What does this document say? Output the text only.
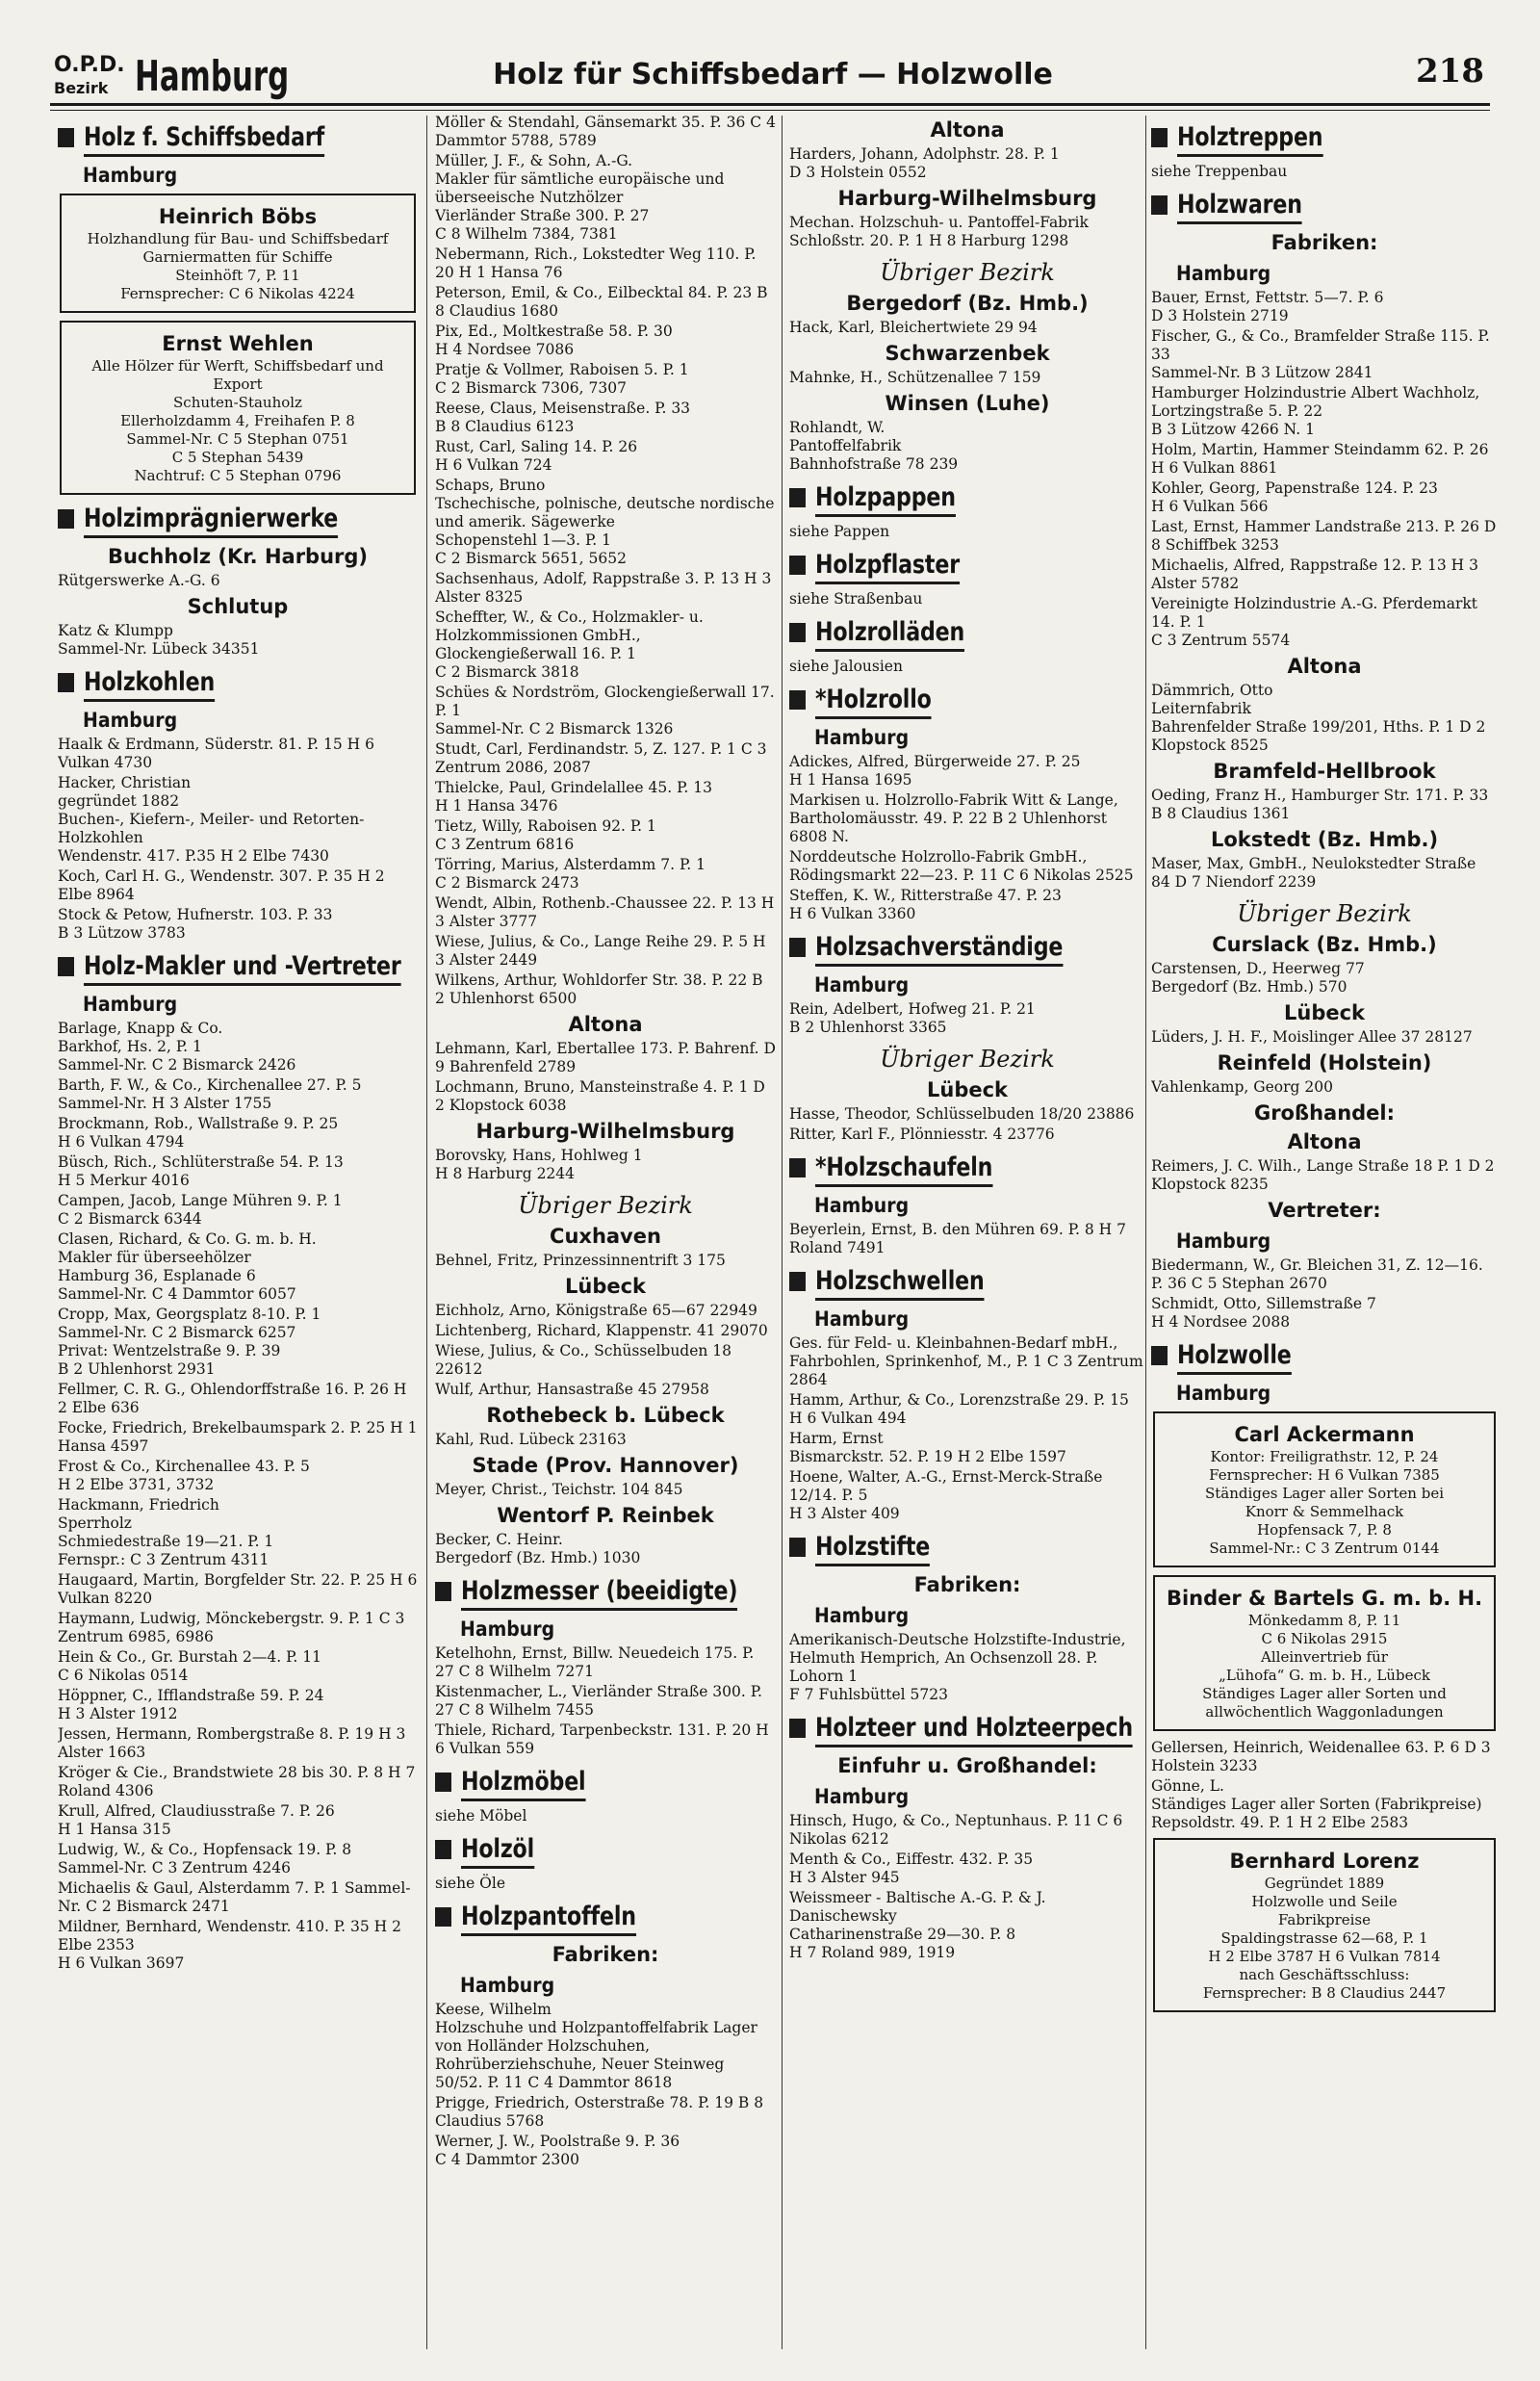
O.P.D.
Bezirk Hamburg	Holz für Schiffsbedarf — Holzwolle	218
Holz f. Schiffsbedarf
Hamburg
Heinrich Böbs
Holzhandlung für Bau- und Schiffsbedarf
Garniermatten für Schiffe
Steinhöft 7, P. 11
Fernsprecher: C 6 Nikolas 4224
Ernst Wehlen
Alle Hölzer für Werft, Schiffsbedarf und Export
Schuten-Stauholz
Ellerholzdamm 4, Freihafen P. 8
Sammel-Nr. C 5 Stephan 0751
C 5 Stephan 5439
Nachtruf: C 5 Stephan 0796
Holzimprägnierwerke
Buchholz (Kr. Harburg)
Rütgerswerke A.-G. 6
Schlutup
Katz & Klumpp
Sammel-Nr. Lübeck 34351
Holzkohlen
Hamburg
Haalk & Erdmann, Süderstr. 81. P. 15 H 6 Vulkan 4730
Hacker, Christian
gegründet 1882
Buchen-, Kiefern-, Meiler- und Retorten-Holzkohlen
Wendenstr. 417. P.35 H 2 Elbe 7430
Koch, Carl H. G., Wendenstr. 307. P. 35 H 2 Elbe 8964
Stock & Petow, Hufnerstr. 103. P. 33
B 3 Lützow 3783
Holz-Makler und -Vertreter
Hamburg
Barlage, Knapp & Co.
Barkhof, Hs. 2, P. 1
Sammel-Nr. C 2 Bismarck 2426
Barth, F. W., & Co., Kirchenallee 27. P. 5 Sammel-Nr. H 3 Alster 1755
Brockmann, Rob., Wallstraße 9. P. 25
H 6 Vulkan 4794
Büsch, Rich., Schlüterstraße 54. P. 13
H 5 Merkur 4016
Campen, Jacob, Lange Mühren 9. P. 1
C 2 Bismarck 6344
Clasen, Richard, & Co. G. m. b. H.
Makler für überseehölzer
Hamburg 36, Esplanade 6
Sammel-Nr. C 4 Dammtor 6057
Cropp, Max, Georgsplatz 8-10. P. 1
Sammel-Nr. C 2 Bismarck 6257
Privat: Wentzelstraße 9. P. 39
B 2 Uhlenhorst 2931
Fellmer, C. R. G., Ohlendorffstraße 16. P. 26 H 2 Elbe 636
Focke, Friedrich, Brekelbaumspark 2. P. 25 H 1 Hansa 4597
Frost & Co., Kirchenallee 43. P. 5
H 2 Elbe 3731, 3732
Hackmann, Friedrich
Sperrholz
Schmiedestraße 19—21. P. 1
Fernspr.: C 3 Zentrum 4311
Haugaard, Martin, Borgfelder Str. 22. P. 25 H 6 Vulkan 8220
Haymann, Ludwig, Mönckebergstr. 9. P. 1 C 3 Zentrum 6985, 6986
Hein & Co., Gr. Burstah 2—4. P. 11
C 6 Nikolas 0514
Höppner, C., Ifflandstraße 59. P. 24
H 3 Alster 1912
Jessen, Hermann, Rombergstraße 8. P. 19 H 3 Alster 1663
Kröger & Cie., Brandstwiete 28 bis 30. P. 8 H 7 Roland 4306
Krull, Alfred, Claudiusstraße 7. P. 26
H 1 Hansa 315
Ludwig, W., & Co., Hopfensack 19. P. 8 Sammel-Nr. C 3 Zentrum 4246
Michaelis & Gaul, Alsterdamm 7. P. 1 Sammel-Nr. C 2 Bismarck 2471
Mildner, Bernhard, Wendenstr. 410. P. 35 H 2 Elbe 2353
H 6 Vulkan 3697
Möller & Stendahl, Gänsemarkt 35. P. 36 C 4 Dammtor 5788, 5789
Müller, J. F., & Sohn, A.-G.
Makler für sämtliche europäische und überseeische Nutzhölzer
Vierländer Straße 300. P. 27
C 8 Wilhelm 7384, 7381
Nebermann, Rich., Lokstedter Weg 110. P. 20 H 1 Hansa 76
Peterson, Emil, & Co., Eilbecktal 84. P. 23 B 8 Claudius 1680
Pix, Ed., Moltkestraße 58. P. 30
H 4 Nordsee 7086
Pratje & Vollmer, Raboisen 5. P. 1
C 2 Bismarck 7306, 7307
Reese, Claus, Meisenstraße. P. 33
B 8 Claudius 6123
Rust, Carl, Saling 14. P. 26
H 6 Vulkan 724
Schaps, Bruno
Tschechische, polnische, deutsche nordische und amerik. Sägewerke
Schopenstehl 1—3. P. 1
C 2 Bismarck 5651, 5652
Sachsenhaus, Adolf, Rappstraße 3. P. 13 H 3 Alster 8325
Scheffter, W., & Co., Holzmakler- u. Holzkommissionen GmbH., Glockengießerwall 16. P. 1
C 2 Bismarck 3818
Schües & Nordström, Glockengießerwall 17. P. 1
Sammel-Nr. C 2 Bismarck 1326
Studt, Carl, Ferdinandstr. 5, Z. 127. P. 1 C 3 Zentrum 2086, 2087
Thielcke, Paul, Grindelallee 45. P. 13
H 1 Hansa 3476
Tietz, Willy, Raboisen 92. P. 1
C 3 Zentrum 6816
Törring, Marius, Alsterdamm 7. P. 1
C 2 Bismarck 2473
Wendt, Albin, Rothenb.-Chaussee 22. P. 13 H 3 Alster 3777
Wiese, Julius, & Co., Lange Reihe 29. P. 5 H 3 Alster 2449
Wilkens, Arthur, Wohldorfer Str. 38. P. 22 B 2 Uhlenhorst 6500
Altona
Lehmann, Karl, Ebertallee 173. P. Bahrenf. D 9 Bahrenfeld 2789
Lochmann, Bruno, Mansteinstraße 4. P. 1 D 2 Klopstock 6038
Harburg-Wilhelmsburg
Borovsky, Hans, Hohlweg 1
H 8 Harburg 2244
Übriger Bezirk
Cuxhaven
Behnel, Fritz, Prinzessinnentrift 3 175
Lübeck
Eichholz, Arno, Königstraße 65—67 22949
Lichtenberg, Richard, Klappenstr. 41 29070
Wiese, Julius, & Co., Schüsselbuden 18 22612
Wulf, Arthur, Hansastraße 45 27958
Rothebeck b. Lübeck
Kahl, Rud. Lübeck 23163
Stade (Prov. Hannover)
Meyer, Christ., Teichstr. 104 845
Wentorf P. Reinbek
Becker, C. Heinr.
Bergedorf (Bz. Hmb.) 1030
Holzmesser (beeidigte)
Hamburg
Ketelhohn, Ernst, Billw. Neuedeich 175. P. 27 C 8 Wilhelm 7271
Kistenmacher, L., Vierländer Straße 300. P. 27 C 8 Wilhelm 7455
Thiele, Richard, Tarpenbeckstr. 131. P. 20 H 6 Vulkan 559
Holzmöbel
siehe Möbel
Holzöl
siehe Öle
Holzpantoffeln
Fabriken:
Hamburg
Keese, Wilhelm
Holzschuhe und Holzpantoffelfabrik Lager von Holländer Holzschuhen, Rohrüberziehschuhe, Neuer Steinweg 50/52. P. 11 C 4 Dammtor 8618
Prigge, Friedrich, Osterstraße 78. P. 19 B 8 Claudius 5768
Werner, J. W., Poolstraße 9. P. 36
C 4 Dammtor 2300
Altona
Harders, Johann, Adolphstr. 28. P. 1
D 3 Holstein 0552
Harburg-Wilhelmsburg
Mechan. Holzschuh- u. Pantoffel-Fabrik
Schloßstr. 20. P. 1 H 8 Harburg 1298
Übriger Bezirk
Bergedorf (Bz. Hmb.)
Hack, Karl, Bleichertwiete 29 94
Schwarzenbek
Mahnke, H., Schützenallee 7 159
Winsen (Luhe)
Rohlandt, W.
Pantoffelfabrik
Bahnhofstraße 78 239
Holzpappen
siehe Pappen
Holzpflaster
siehe Straßenbau
Holzrolläden
siehe Jalousien
*Holzrollo
Hamburg
Adickes, Alfred, Bürgerweide 27. P. 25
H 1 Hansa 1695
Markisen u. Holzrollo-Fabrik Witt & Lange, Bartholomäusstr. 49. P. 22 B 2 Uhlenhorst 6808 N.
Norddeutsche Holzrollo-Fabrik GmbH., Rödingsmarkt 22—23. P. 11 C 6 Nikolas 2525
Steffen, K. W., Ritterstraße 47. P. 23
H 6 Vulkan 3360
Holzsachverständige
Hamburg
Rein, Adelbert, Hofweg 21. P. 21
B 2 Uhlenhorst 3365
Übriger Bezirk
Lübeck
Hasse, Theodor, Schlüsselbuden 18/20 23886
Ritter, Karl F., Plönniesstr. 4 23776
*Holzschaufeln
Hamburg
Beyerlein, Ernst, B. den Mühren 69. P. 8 H 7 Roland 7491
Holzschwellen
Hamburg
Ges. für Feld- u. Kleinbahnen-Bedarf mbH., Fahrbohlen, Sprinkenhof, M., P. 1 C 3 Zentrum 2864
Hamm, Arthur, & Co., Lorenzstraße 29. P. 15 H 6 Vulkan 494
Harm, Ernst
Bismarckstr. 52. P. 19 H 2 Elbe 1597
Hoene, Walter, A.-G., Ernst-Merck-Straße 12/14. P. 5
H 3 Alster 409
Holzstifte
Fabriken:
Hamburg
Amerikanisch-Deutsche Holzstifte-Industrie, Helmuth Hemprich, An Ochsenzoll 28. P. Lohorn 1
F 7 Fuhlsbüttel 5723
Holzteer und Holzteerpech
Einfuhr u. Großhandel:
Hamburg
Hinsch, Hugo, & Co., Neptunhaus. P. 11 C 6 Nikolas 6212
Menth & Co., Eiffestr. 432. P. 35
H 3 Alster 945
Weissmeer - Baltische A.-G. P. & J. Danischewsky
Catharinenstraße 29—30. P. 8
H 7 Roland 989, 1919
Holztreppen
siehe Treppenbau
Holzwaren
Fabriken:
Hamburg
Bauer, Ernst, Fettstr. 5—7. P. 6
D 3 Holstein 2719
Fischer, G., & Co., Bramfelder Straße 115. P. 33
Sammel-Nr. B 3 Lützow 2841
Hamburger Holzindustrie Albert Wachholz, Lortzingstraße 5. P. 22
B 3 Lützow 4266 N. 1
Holm, Martin, Hammer Steindamm 62. P. 26 H 6 Vulkan 8861
Kohler, Georg, Papenstraße 124. P. 23
H 6 Vulkan 566
Last, Ernst, Hammer Landstraße 213. P. 26 D 8 Schiffbek 3253
Michaelis, Alfred, Rappstraße 12. P. 13 H 3 Alster 5782
Vereinigte Holzindustrie A.-G. Pferdemarkt 14. P. 1
C 3 Zentrum 5574
Altona
Dämmrich, Otto
Leiternfabrik
Bahrenfelder Straße 199/201, Hths. P. 1 D 2 Klopstock 8525
Bramfeld-Hellbrook
Oeding, Franz H., Hamburger Str. 171. P. 33 B 8 Claudius 1361
Lokstedt (Bz. Hmb.)
Maser, Max, GmbH., Neulokstedter Straße 84 D 7 Niendorf 2239
Übriger Bezirk
Curslack (Bz. Hmb.)
Carstensen, D., Heerweg 77
Bergedorf (Bz. Hmb.) 570
Lübeck
Lüders, J. H. F., Moislinger Allee 37 28127
Reinfeld (Holstein)
Vahlenkamp, Georg 200
Großhandel:
Altona
Reimers, J. C. Wilh., Lange Straße 18 P. 1 D 2 Klopstock 8235
Vertreter:
Hamburg
Biedermann, W., Gr. Bleichen 31, Z. 12—16. P. 36 C 5 Stephan 2670
Schmidt, Otto, Sillemstraße 7
H 4 Nordsee 2088
Holzwolle
Hamburg
Carl Ackermann
Kontor: Freiligrathstr. 12, P. 24
Fernsprecher: H 6 Vulkan 7385
Ständiges Lager aller Sorten bei
Knorr & Semmelhack
Hopfensack 7, P. 8
Sammel-Nr.: C 3 Zentrum 0144
Binder & Bartels G. m. b. H.
Mönkedamm 8, P. 11
C 6 Nikolas 2915
Alleinvertrieb für
„Lühofa“ G. m. b. H., Lübeck
Ständiges Lager aller Sorten und allwöchentlich Waggonladungen
Gellersen, Heinrich, Weidenallee 63. P. 6 D 3 Holstein 3233
Gönne, L.
Ständiges Lager aller Sorten (Fabrikpreise)
Repsoldstr. 49. P. 1 H 2 Elbe 2583
Bernhard Lorenz
Gegründet 1889
Holzwolle und Seile
Fabrikpreise
Spaldingstrasse 62—68, P. 1
H 2 Elbe 3787 H 6 Vulkan 7814
nach Geschäftsschluss:
Fernsprecher: B 8 Claudius 2447
